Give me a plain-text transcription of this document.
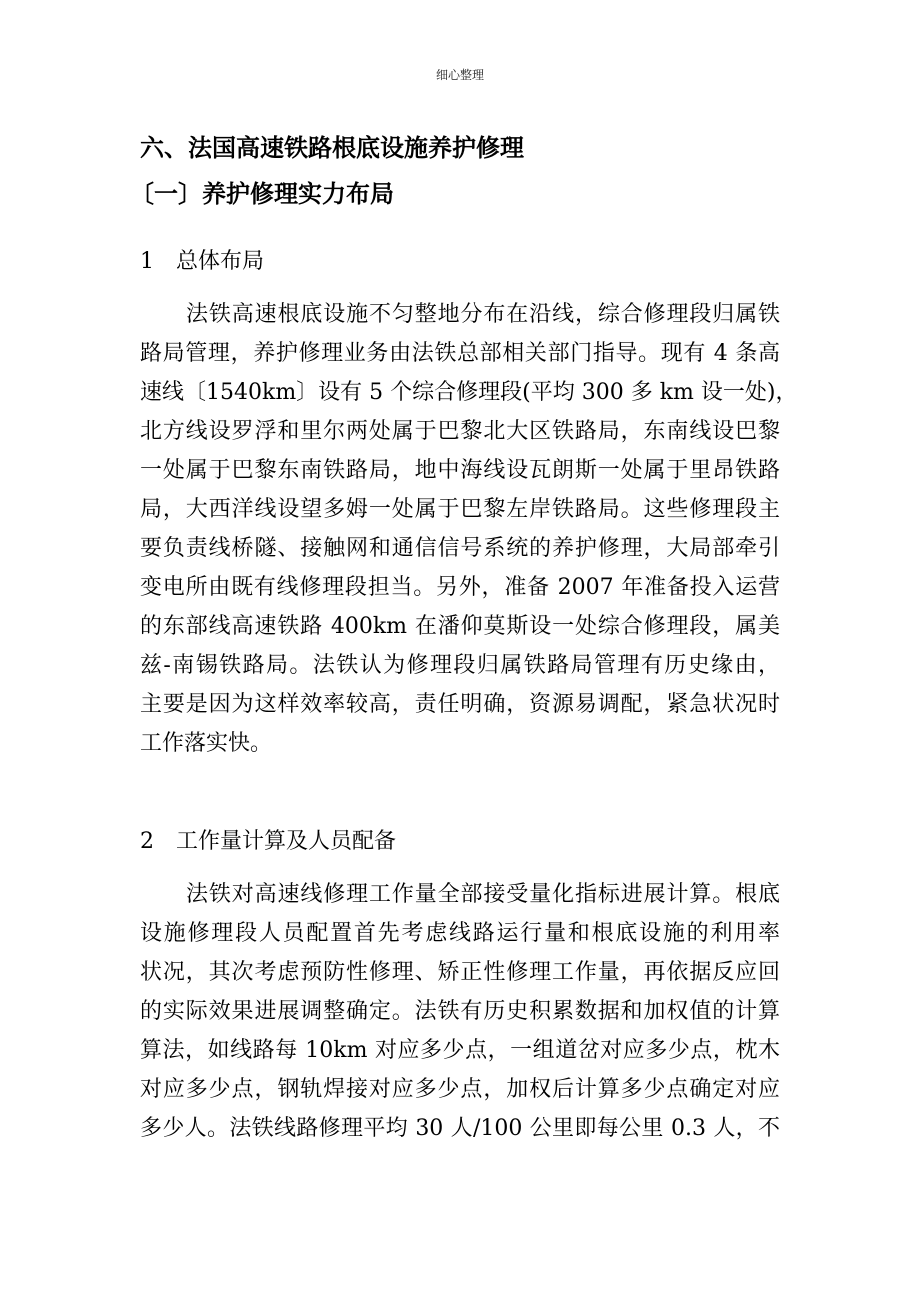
细心整理
六、法国高速铁路根底设施养护修理
〔一〕养护修理实力布局
1 总体布局
法铁高速根底设施不匀整地分布在沿线，综合修理段归属铁
路局管理，养护修理业务由法铁总部相关部门指导。现有 4 条高
速线〔1540km〕设有 5 个综合修理段(平均 300 多 km 设一处)，
北方线设罗浮和里尔两处属于巴黎北大区铁路局，东南线设巴黎
一处属于巴黎东南铁路局，地中海线设瓦朗斯一处属于里昂铁路
局，大西洋线设望多姆一处属于巴黎左岸铁路局。这些修理段主
要负责线桥隧、接触网和通信信号系统的养护修理，大局部牵引
变电所由既有线修理段担当。另外，准备 2007 年准备投入运营
的东部线高速铁路 400km 在潘仰莫斯设一处综合修理段，属美
兹-南锡铁路局。法铁认为修理段归属铁路局管理有历史缘由，
主要是因为这样效率较高，责任明确，资源易调配，紧急状况时
工作落实快。
2 工作量计算及人员配备
法铁对高速线修理工作量全部接受量化指标进展计算。根底
设施修理段人员配置首先考虑线路运行量和根底设施的利用率
状况，其次考虑预防性修理、矫正性修理工作量，再依据反应回
的实际效果进展调整确定。法铁有历史积累数据和加权值的计算
算法，如线路每 10km 对应多少点，一组道岔对应多少点，枕木
对应多少点，钢轨焊接对应多少点，加权后计算多少点确定对应
多少人。法铁线路修理平均 30 人/100 公里即每公里 0.3 人，不
